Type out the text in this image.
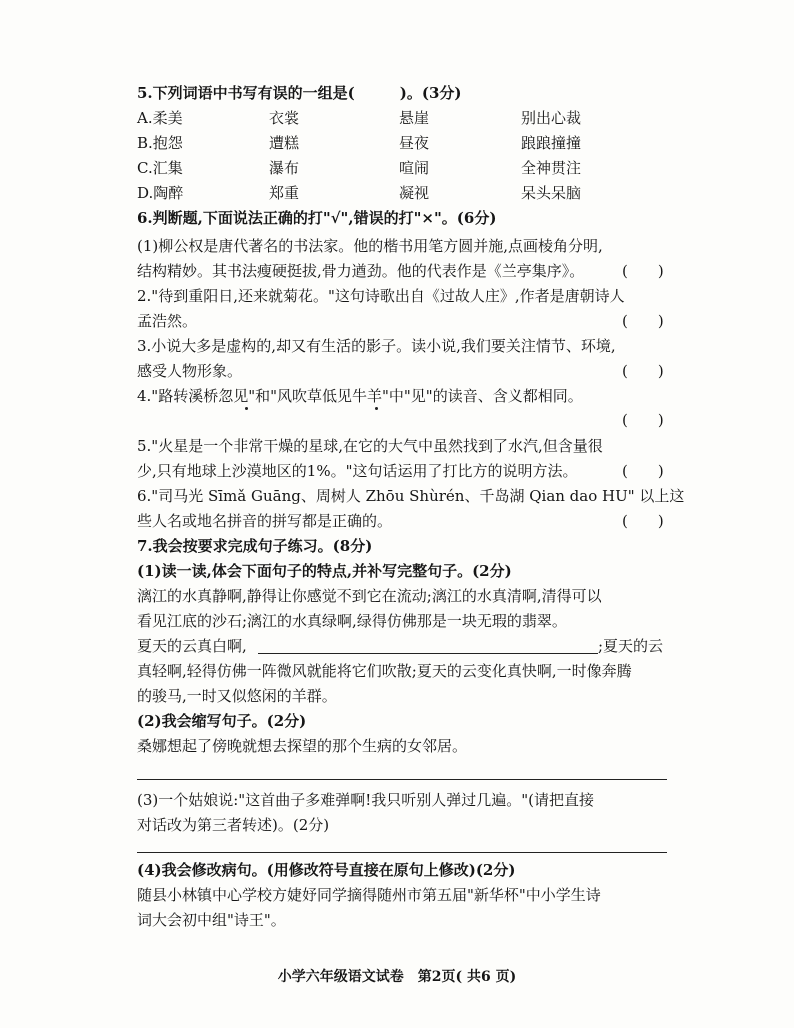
5.下列词语中书写有误的一组是(　　　)。(3分)
A.柔美	衣裳	悬崖	别出心裁
B.抱怨	遭糕	昼夜	踉踉撞撞
C.汇集	瀑布	喧闹	全神贯注
D.陶醉	郑重	凝视	呆头呆脑
6.判断题,下面说法正确的打"√",错误的打"×"。(6分)
(1)柳公权是唐代著名的书法家。他的楷书用笔方圆并施,点画棱角分明,
结构精妙。其书法瘦硬挺拔,骨力遒劲。他的代表作是《兰亭集序》。	(　　)
2."待到重阳日,还来就菊花。"这句诗歌出自《过故人庄》,作者是唐朝诗人
孟浩然。	(　　)
3.小说大多是虚构的,却又有生活的影子。读小说,我们要关注情节、环境,
感受人物形象。	(　　)
4."路转溪桥忽见"和"风吹草低见牛羊"中"见"的读音、含义都相同。
(　　)
5."火星是一个非常干燥的星球,在它的大气中虽然找到了水汽,但含量很
少,只有地球上沙漠地区的1%。"这句话运用了打比方的说明方法。	(　　)
6."司马光 Sīmǎ Guāng、周树人 Zhōu Shùrén、千岛湖 Qian dao HU" 以上这
些人名或地名拼音的拼写都是正确的。	(　　)
7.我会按要求完成句子练习。(8分)
(1)读一读,体会下面句子的特点,并补写完整句子。(2分)
漓江的水真静啊,静得让你感觉不到它在流动;漓江的水真清啊,清得可以
看见江底的沙石;漓江的水真绿啊,绿得仿佛那是一块无瑕的翡翠。
夏天的云真白啊,	;夏天的云
真轻啊,轻得仿佛一阵微风就能将它们吹散;夏天的云变化真快啊,一时像奔腾
的骏马,一时又似悠闲的羊群。
(2)我会缩写句子。(2分)
桑娜想起了傍晚就想去探望的那个生病的女邻居。
(3)一个姑娘说:"这首曲子多难弹啊!我只听别人弹过几遍。"(请把直接
对话改为第三者转述)。(2分)
(4)我会修改病句。(用修改符号直接在原句上修改)(2分)
随县小林镇中心学校方婕妤同学摘得随州市第五届"新华杯"中小学生诗
词大会初中组"诗王"。
小学六年级语文试卷　第2页( 共6 页)
